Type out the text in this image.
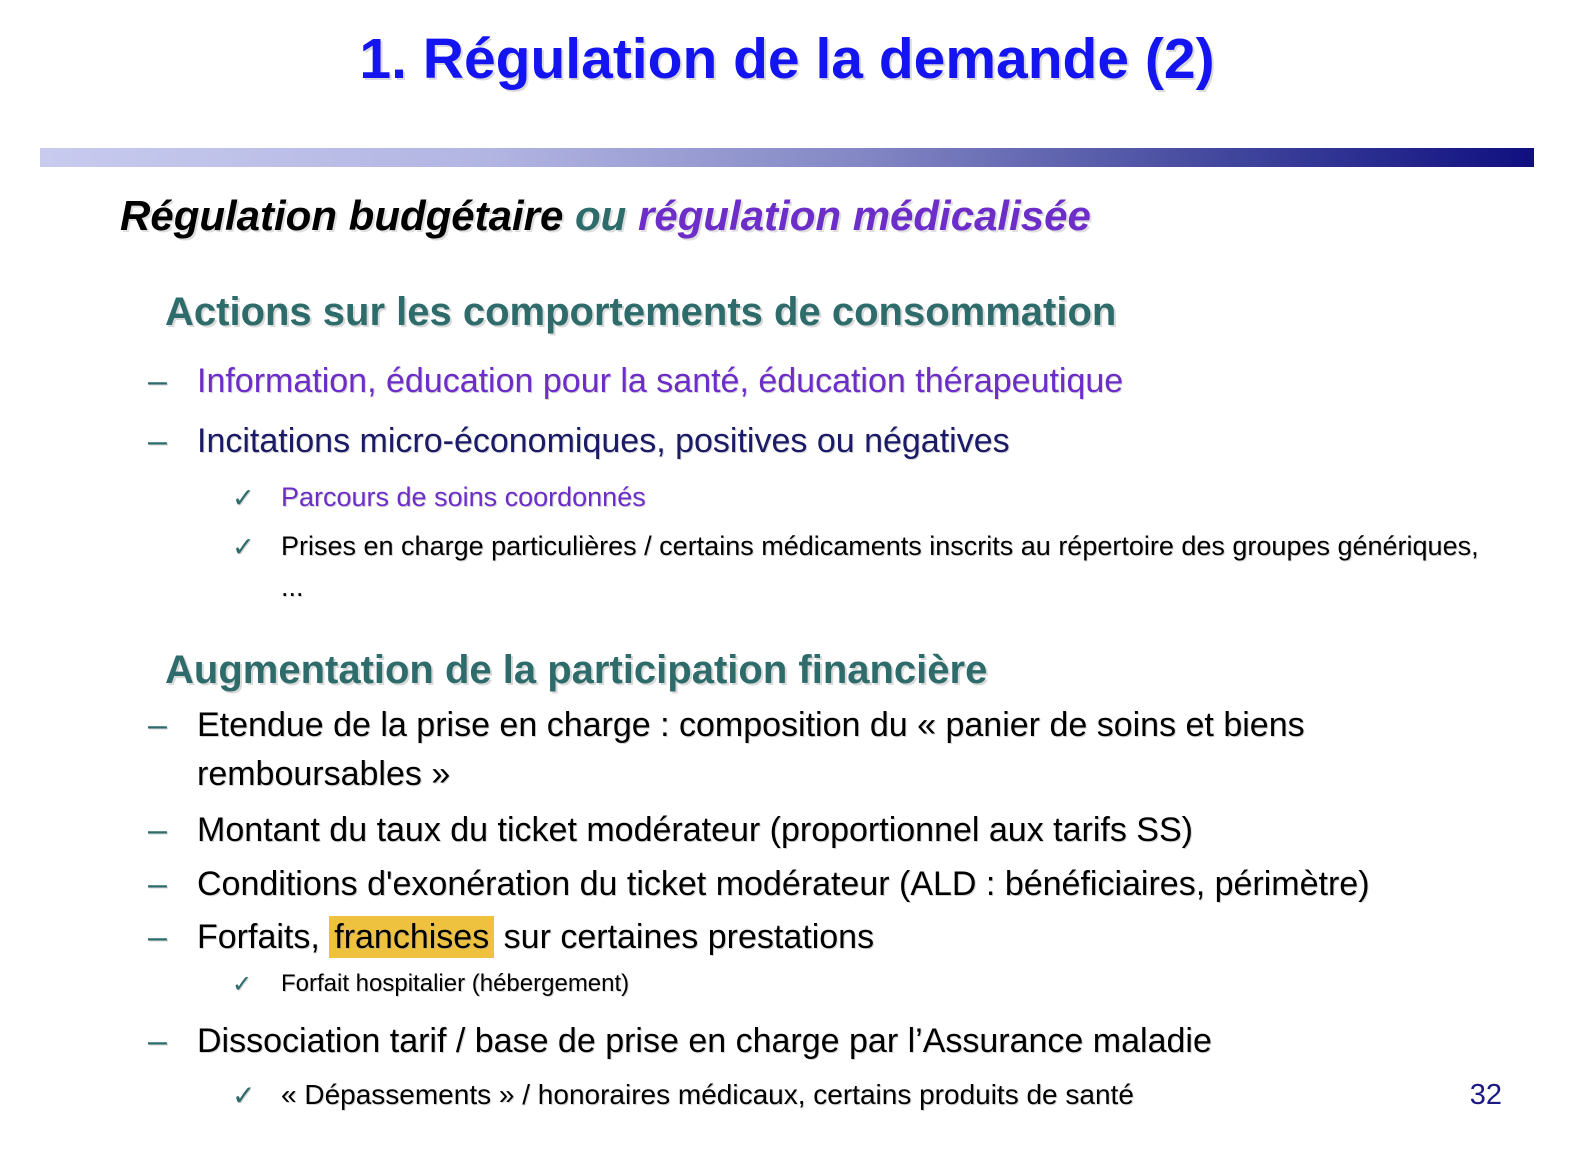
1. Régulation de la demande (2)
Régulation budgétaire ou régulation médicalisée
Actions sur les comportements de consommation
– Information, éducation pour la santé, éducation thérapeutique
– Incitations micro-économiques, positives ou négatives
✓ Parcours de soins coordonnés
✓ Prises en charge particulières / certains médicaments inscrits au répertoire des groupes génériques, ...
Augmentation de la participation financière
– Etendue de la prise en charge : composition du « panier de soins et biens remboursables »
– Montant du taux du ticket modérateur (proportionnel aux tarifs SS)
– Conditions d'exonération du ticket modérateur (ALD : bénéficiaires, périmètre)
– Forfaits, franchises sur certaines prestations
✓	Forfait hospitalier (hébergement)
– Dissociation tarif / base de prise en charge par l’Assurance maladie
✓ « Dépassements » / honoraires médicaux, certains produits de santé	32
